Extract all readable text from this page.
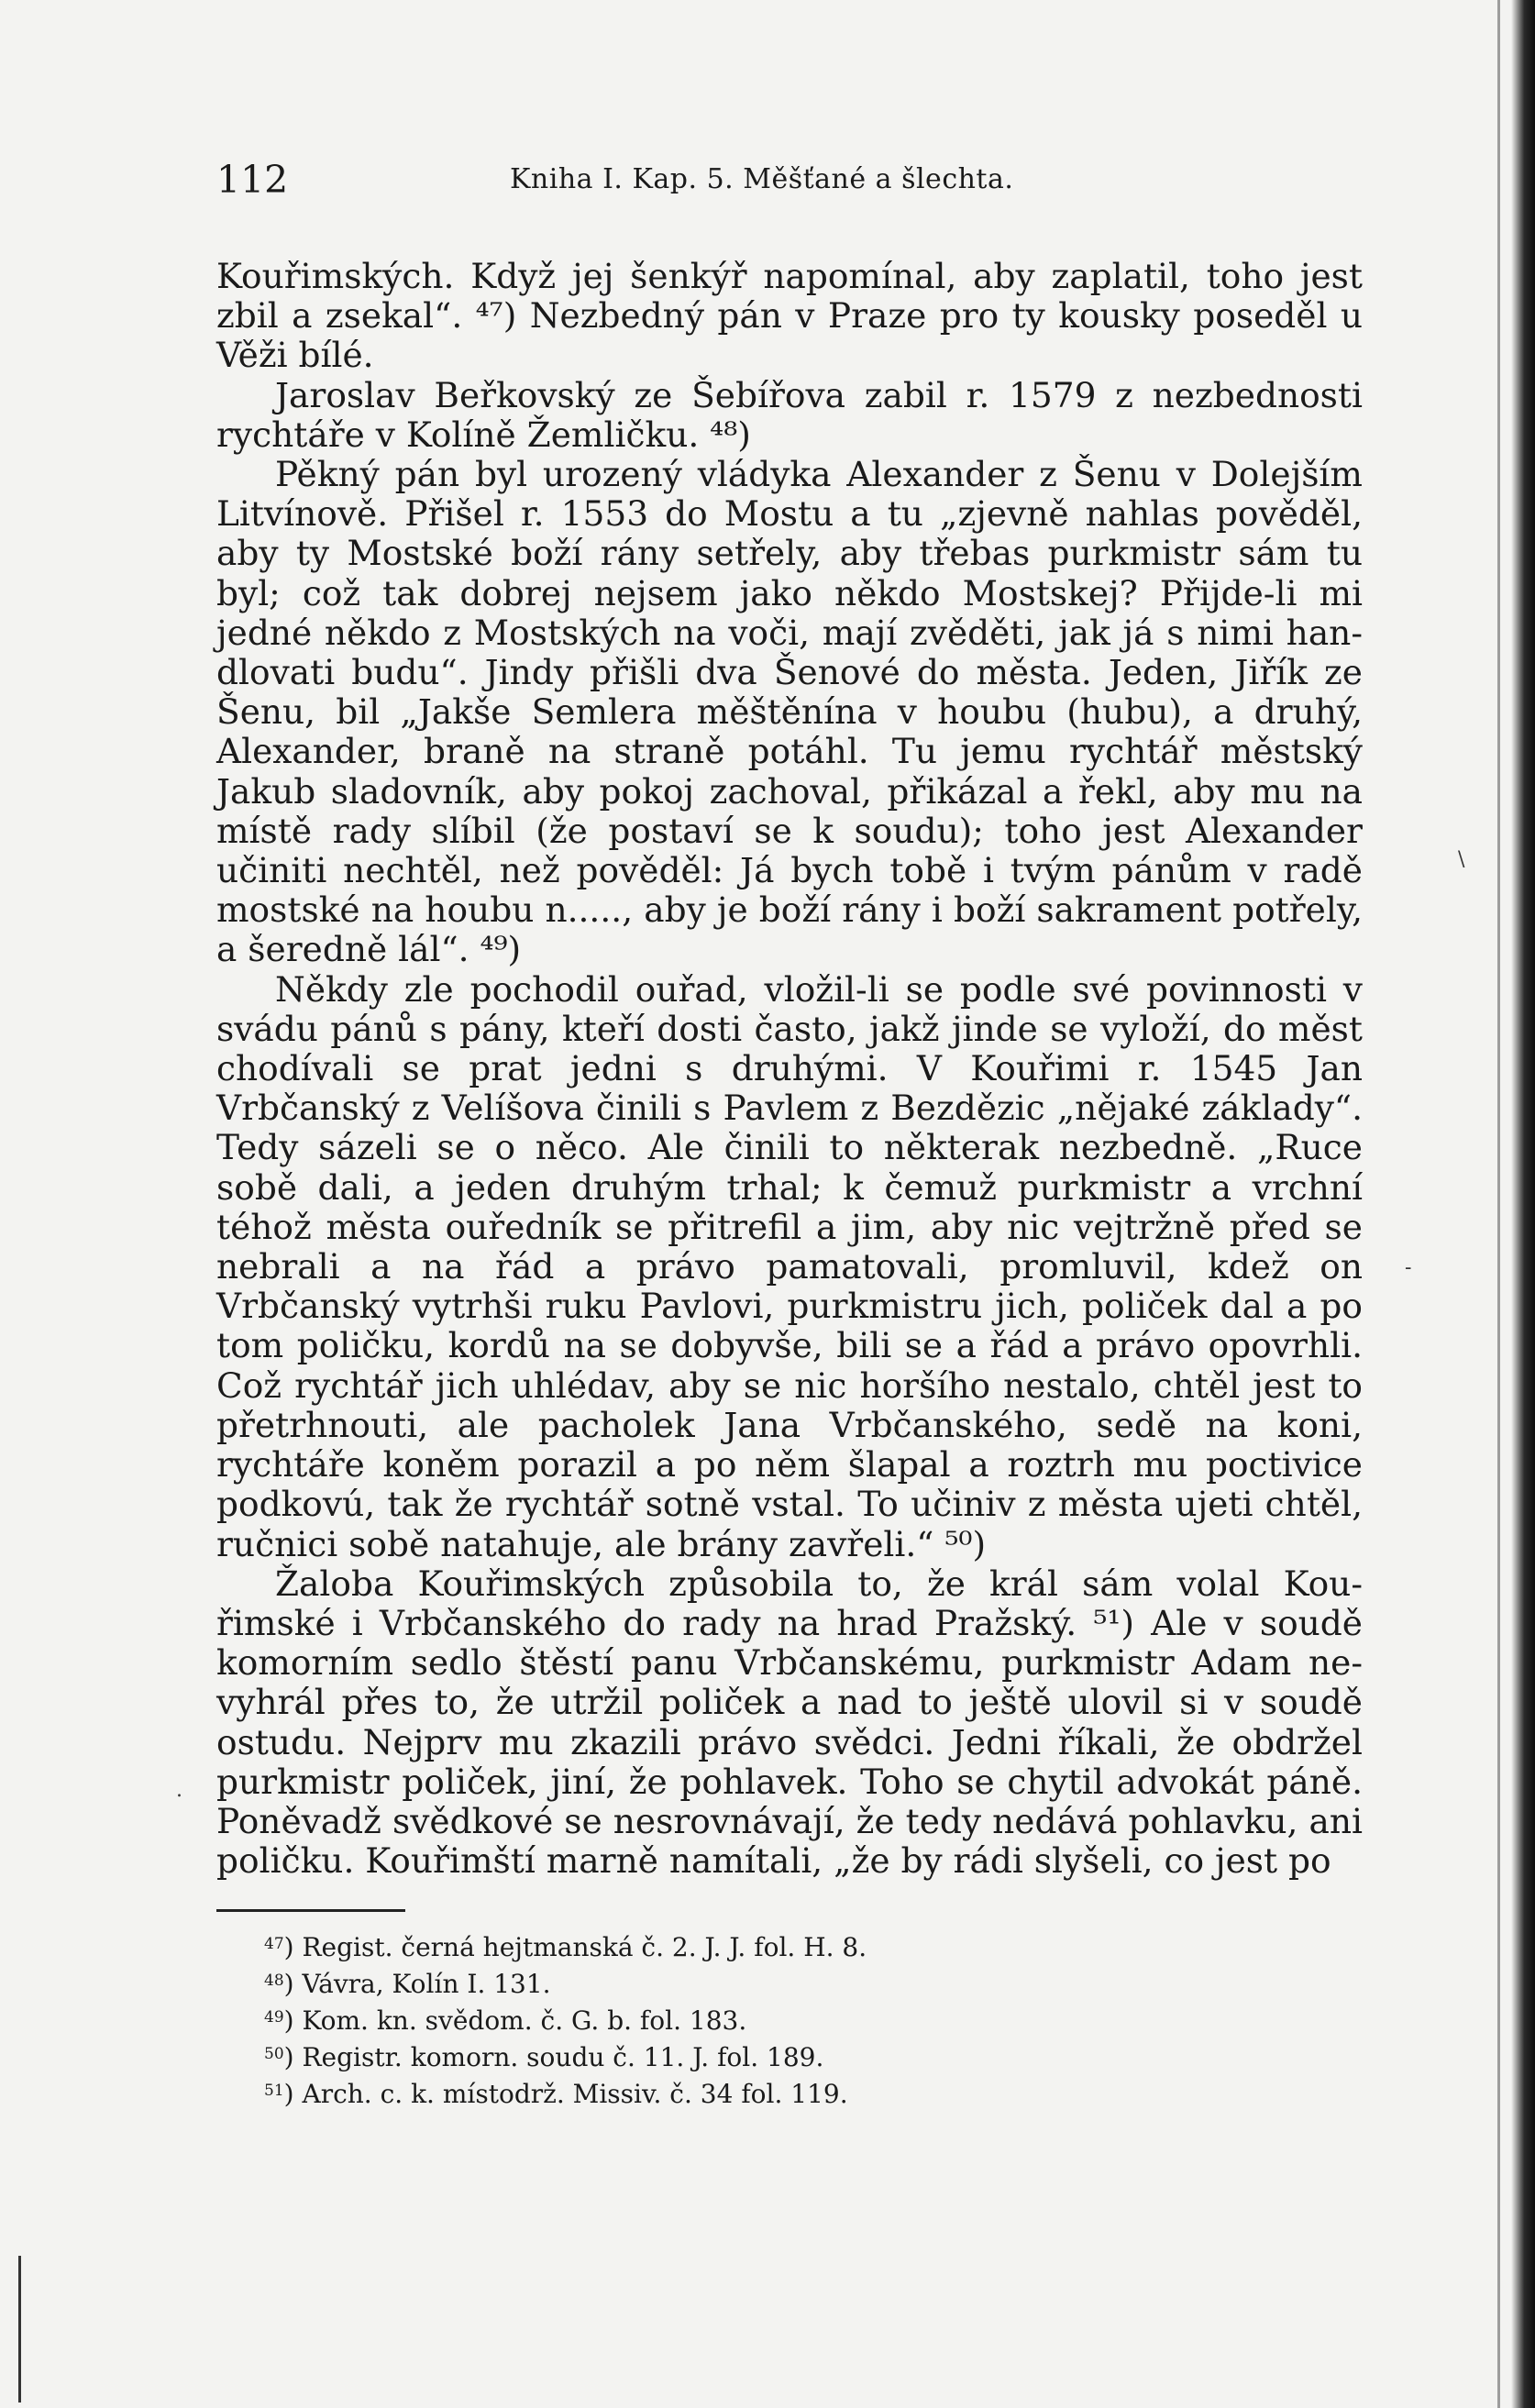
112	Kniha I. Kap. 5. Měšťané a šlechta.

Kouřimských. Když jej šenkýř napomínal, aby zaplatil, toho jest zbil a zsekal“. ⁴⁷) Nezbedný pán v Praze pro ty kousky poseděl u Věži bílé.

Jaroslav Beřkovský ze Šebířova zabil r. 1579 z nezbednosti rychtáře v Kolíně Žemličku. ⁴⁸)

Pěkný pán byl urozený vládyka Alexander z Šenu v Dolejším Litvínově. Přišel r. 1553 do Mostu a tu „zjevně nahlas pověděl, aby ty Mostské boží rány setřely, aby třebas purkmistr sám tu byl; což tak dobrej nejsem jako někdo Mostskej? Přijde-li mi jedné někdo z Mostských na voči, mají zvěděti, jak já s nimi handlovati budu“. Jindy přišli dva Šenové do města. Jeden, Jiřík ze Šenu, bil „Jakše Semlera měštěnína v houbu (hubu), a druhý, Alexander, braně na straně potáhl. Tu jemu rychtář městský Jakub sladovník, aby pokoj zachoval, přikázal a řekl, aby mu na místě rady slíbil (že postaví se k soudu); toho jest Alexander učiniti nechtěl, než pověděl: Já bych tobě i tvým pánům v radě mostské na houbu n....., aby je boží rány i boží sakrament potřely, a šeredně lál“. ⁴⁹)

Někdy zle pochodil ouřad, vložil-li se podle své povinnosti v svádu pánů s pány, kteří dosti často, jakž jinde se vyloží, do měst chodívali se prat jedni s druhými. V Kouřimi r. 1545 Jan Vrbčanský z Velíšova činili s Pavlem z Bezdězic „nějaké základy“. Tedy sázeli se o něco. Ale činili to některak nezbedně. „Ruce sobě dali, a jeden druhým trhal; k čemuž purkmistr a vrchní téhož města ouředník se přitrefil a jim, aby nic vejtržně před se nebrali a na řád a právo pamatovali, promluvil, kdež on Vrbčanský vytrhši ruku Pavlovi, purkmistru jich, poliček dal a po tom poličku, kordů na se dobyvše, bili se a řád a právo opovrhli. Což rychtář jich uhlédav, aby se nic horšího nestalo, chtěl jest to přetrhnouti, ale pacholek Jana Vrbčanského, sedě na koni, rychtáře koněm porazil a po něm šlapal a roztrh mu poctivice podkovú, tak že rychtář sotně vstal. To učiniv z města ujeti chtěl, ručnici sobě natahuje, ale brány zavřeli.“ ⁵⁰)

Žaloba Kouřimských způsobila to, že král sám volal Kouřimské i Vrbčanského do rady na hrad Pražský. ⁵¹) Ale v soudě komorním sedlo štěstí panu Vrbčanskému, purkmistr Adam nevyhrál přes to, že utržil poliček a nad to ještě ulovil si v soudě ostudu. Nejprv mu zkazili právo svědci. Jedni říkali, že obdržel purkmistr poliček, jiní, že pohlavek. Toho se chytil advokát páně. Poněvadž svědkové se nesrovnávají, že tedy nedává pohlavku, ani poličku. Kouřimští marně namítali, „že by rádi slyšeli, co jest po

$^{47}$) Regist. černá hejtmanská č. 2. J. J. fol. H. 8.
$^{48}$) Vávra, Kolín I. 131.
$^{49}$) Kom. kn. svědom. č. G. b. fol. 183.
$^{50}$) Registr. komorn. soudu č. 11. J. fol. 189.
$^{51}$) Arch. c. k. místodrž. Missiv. č. 34 fol. 119.
\
-
.
